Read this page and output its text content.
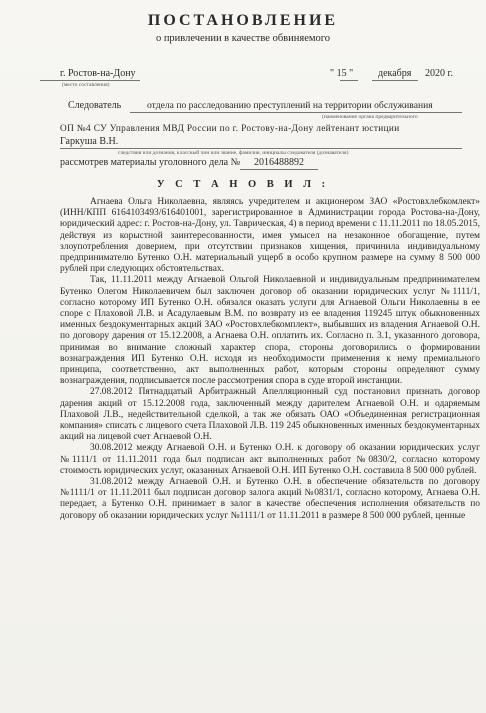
ПОСТАНОВЛЕНИЕ
о привлечении в качестве обвиняемого
г. Ростов-на-Дону
(место составления)
" 15 " декабря 2020 г.
Следователь	отдела по расследованию преступлений на территории обслуживания
(наименование органа предварительного
ОП №4 СУ Управления МВД России по г. Ростову-на-Дону лейтенант юстиции
Гаркуша В.Н.
следствия или дознания, классный чин или звание, фамилия, инициалы следователя (дознавателя)
рассмотрев материалы уголовного дела № 2016488892
У С Т А Н О В И Л :

Агнаева Ольга Николаевна, являясь учредителем и акционером ЗАО «Ростовхлебкомлект» (ИНН/КПП 6164103493/616401001, зарегистрированное в Администрации города Ростова-на-Дону, юридический адрес: г. Ростов-на-Дону, ул. Таврическая, 4) в период времени с 11.11.2011 по 18.05.2015, действуя из корыстной заинтересованности, имея умысел на незаконное обогащение, путем злоупотребления доверием, при отсутствии признаков хищения, причинила индивидуальному предпринимателю Бутенко О.Н. материальный ущерб в особо крупном размере на сумму 8 500 000 рублей при следующих обстоятельствах.

Так, 11.11.2011 между Агнаевой Ольгой Николаевной и индивидуальным предпринимателем Бутенко Олегом Николаевичем был заключен договор об оказании юридических услуг №1111/1, согласно которому ИП Бутенко О.Н. обязался оказать услуги для Агнаевой Ольги Николаевны в ее споре с Плаховой Л.В. и Асадулаевым В.М. по возврату из ее владения 119245 штук обыкновенных именных бездокументарных акций ЗАО «Ростовхлебкомплект», выбывших из владения Агнаевой О.Н. по договору дарения от 15.12.2008, а Агнаева О.Н. оплатить их. Согласно п. 3.1, указанного договора, принимая во внимание сложный характер спора, стороны договорились о формировании вознаграждения ИП Бутенко О.Н. исходя из необходимости применения к нему премиального принципа, соответственно, акт выполненных работ, которым стороны определяют сумму вознаграждения, подписывается после рассмотрения спора в суде второй инстанции.

27.08.2012 Пятнадцатый Арбитражный Апелляционный суд постановил признать договор дарения акций от 15.12.2008 года, заключенный между дарителем Агнаевой О.Н. и одаряемым Плаховой Л.В., недействительной сделкой, а так же обязать ОАО «Объединенная регистрационная компания» списать с лицевого счета Плаховой Л.В. 119 245 обыкновенных именных бездокументарных акций на лицевой счет Агнаевой О.Н.

30.08.2012 между Агнаевой О.Н. и Бутенко О.Н. к договору об оказании юридических услуг №1111/1 от 11.11.2011 года был подписан акт выполненных работ №0830/2, согласно которому стоимость юридических услуг, оказанных Агнаевой О.Н. ИП Бутенко О.Н. составила 8 500 000 рублей.

31.08.2012 между Агнаевой О.Н. и Бутенко О.Н. в обеспечение обязательств по договору №1111/1 от 11.11.2011 был подписан договор залога акций №0831/1, согласно которому, Агнаева О.Н. передает, а Бутенко О.Н. принимает в залог в качестве обеспечения исполнения обязательств по договору об оказании юридических услуг №1111/1 от 11.11.2011 в размере 8 500 000 рублей, ценные
